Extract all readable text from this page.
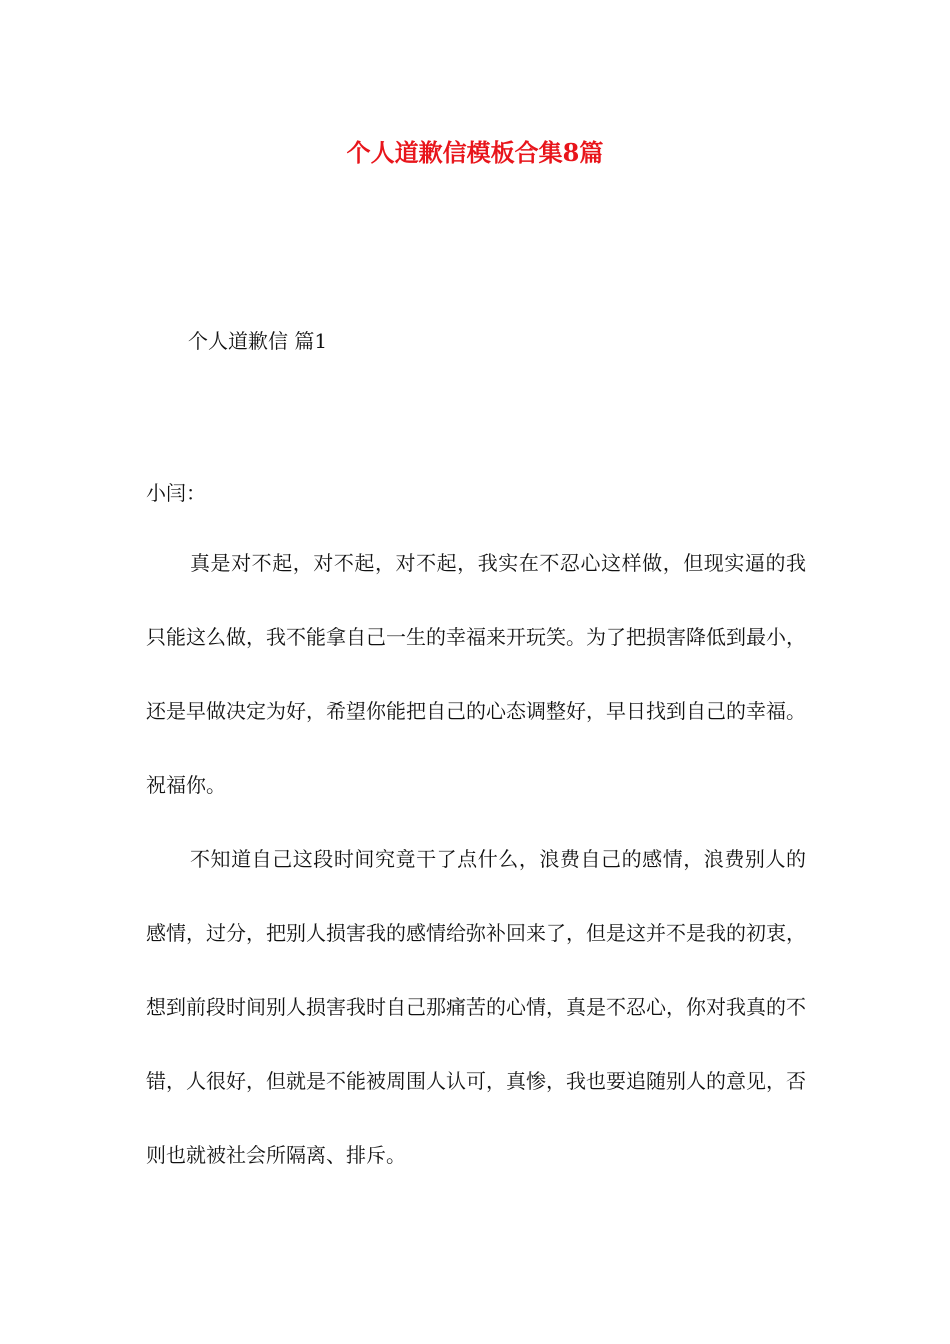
个人道歉信模板合集8篇
个人道歉信 篇1

小闫：

真是对不起，对不起，对不起，我实在不忍心这样做，但现实逼的我只能这么做，我不能拿自己一生的幸福来开玩笑。为了把损害降低到最小，还是早做决定为好，希望你能把自己的心态调整好，早日找到自己的幸福。祝福你。

不知道自己这段时间究竟干了点什么，浪费自己的感情，浪费别人的感情，过分，把别人损害我的感情给弥补回来了，但是这并不是我的初衷，想到前段时间别人损害我时自己那痛苦的心情，真是不忍心，你对我真的不错，人很好，但就是不能被周围人认可，真惨，我也要追随别人的意见，否则也就被社会所隔离、排斥。
